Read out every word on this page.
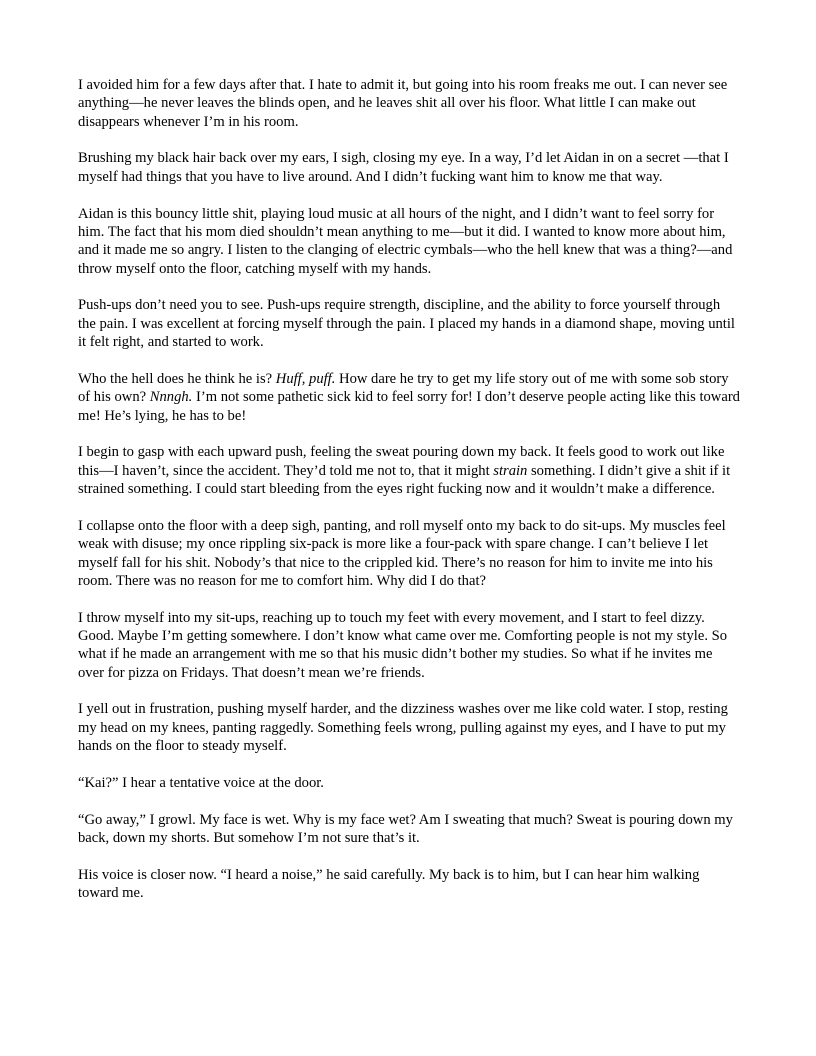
I avoided him for a few days after that. I hate to admit it, but going into his room freaks me out. I can never see anything—he never leaves the blinds open, and he leaves shit all over his floor. What little I can make out disappears whenever I’m in his room.

Brushing my black hair back over my ears, I sigh, closing my eye. In a way, I’d let Aidan in on a secret —that I myself had things that you have to live around. And I didn’t fucking want him to know me that way.

Aidan is this bouncy little shit, playing loud music at all hours of the night, and I didn’t want to feel sorry for him. The fact that his mom died shouldn’t mean anything to me—but it did. I wanted to know more about him, and it made me so angry. I listen to the clanging of electric cymbals—who the hell knew that was a thing?—and throw myself onto the floor, catching myself with my hands.

Push-ups don’t need you to see. Push-ups require strength, discipline, and the ability to force yourself through the pain. I was excellent at forcing myself through the pain. I placed my hands in a diamond shape, moving until it felt right, and started to work.

Who the hell does he think he is? Huff, puff. How dare he try to get my life story out of me with some sob story of his own? Nnngh. I’m not some pathetic sick kid to feel sorry for! I don’t deserve people acting like this toward me! He’s lying, he has to be!

I begin to gasp with each upward push, feeling the sweat pouring down my back. It feels good to work out like this—I haven’t, since the accident. They’d told me not to, that it might strain something. I didn’t give a shit if it strained something. I could start bleeding from the eyes right fucking now and it wouldn’t make a difference.

I collapse onto the floor with a deep sigh, panting, and roll myself onto my back to do sit-ups. My muscles feel weak with disuse; my once rippling six-pack is more like a four-pack with spare change. I can’t believe I let myself fall for his shit. Nobody’s that nice to the crippled kid. There’s no reason for him to invite me into his room. There was no reason for me to comfort him. Why did I do that?

I throw myself into my sit-ups, reaching up to touch my feet with every movement, and I start to feel dizzy. Good. Maybe I’m getting somewhere. I don’t know what came over me. Comforting people is not my style. So what if he made an arrangement with me so that his music didn’t bother my studies. So what if he invites me over for pizza on Fridays. That doesn’t mean we’re friends.

I yell out in frustration, pushing myself harder, and the dizziness washes over me like cold water. I stop, resting my head on my knees, panting raggedly. Something feels wrong, pulling against my eyes, and I have to put my hands on the floor to steady myself.

“Kai?” I hear a tentative voice at the door.

“Go away,” I growl. My face is wet. Why is my face wet? Am I sweating that much? Sweat is pouring down my back, down my shorts. But somehow I’m not sure that’s it.

His voice is closer now. “I heard a noise,” he said carefully. My back is to him, but I can hear him walking toward me.
